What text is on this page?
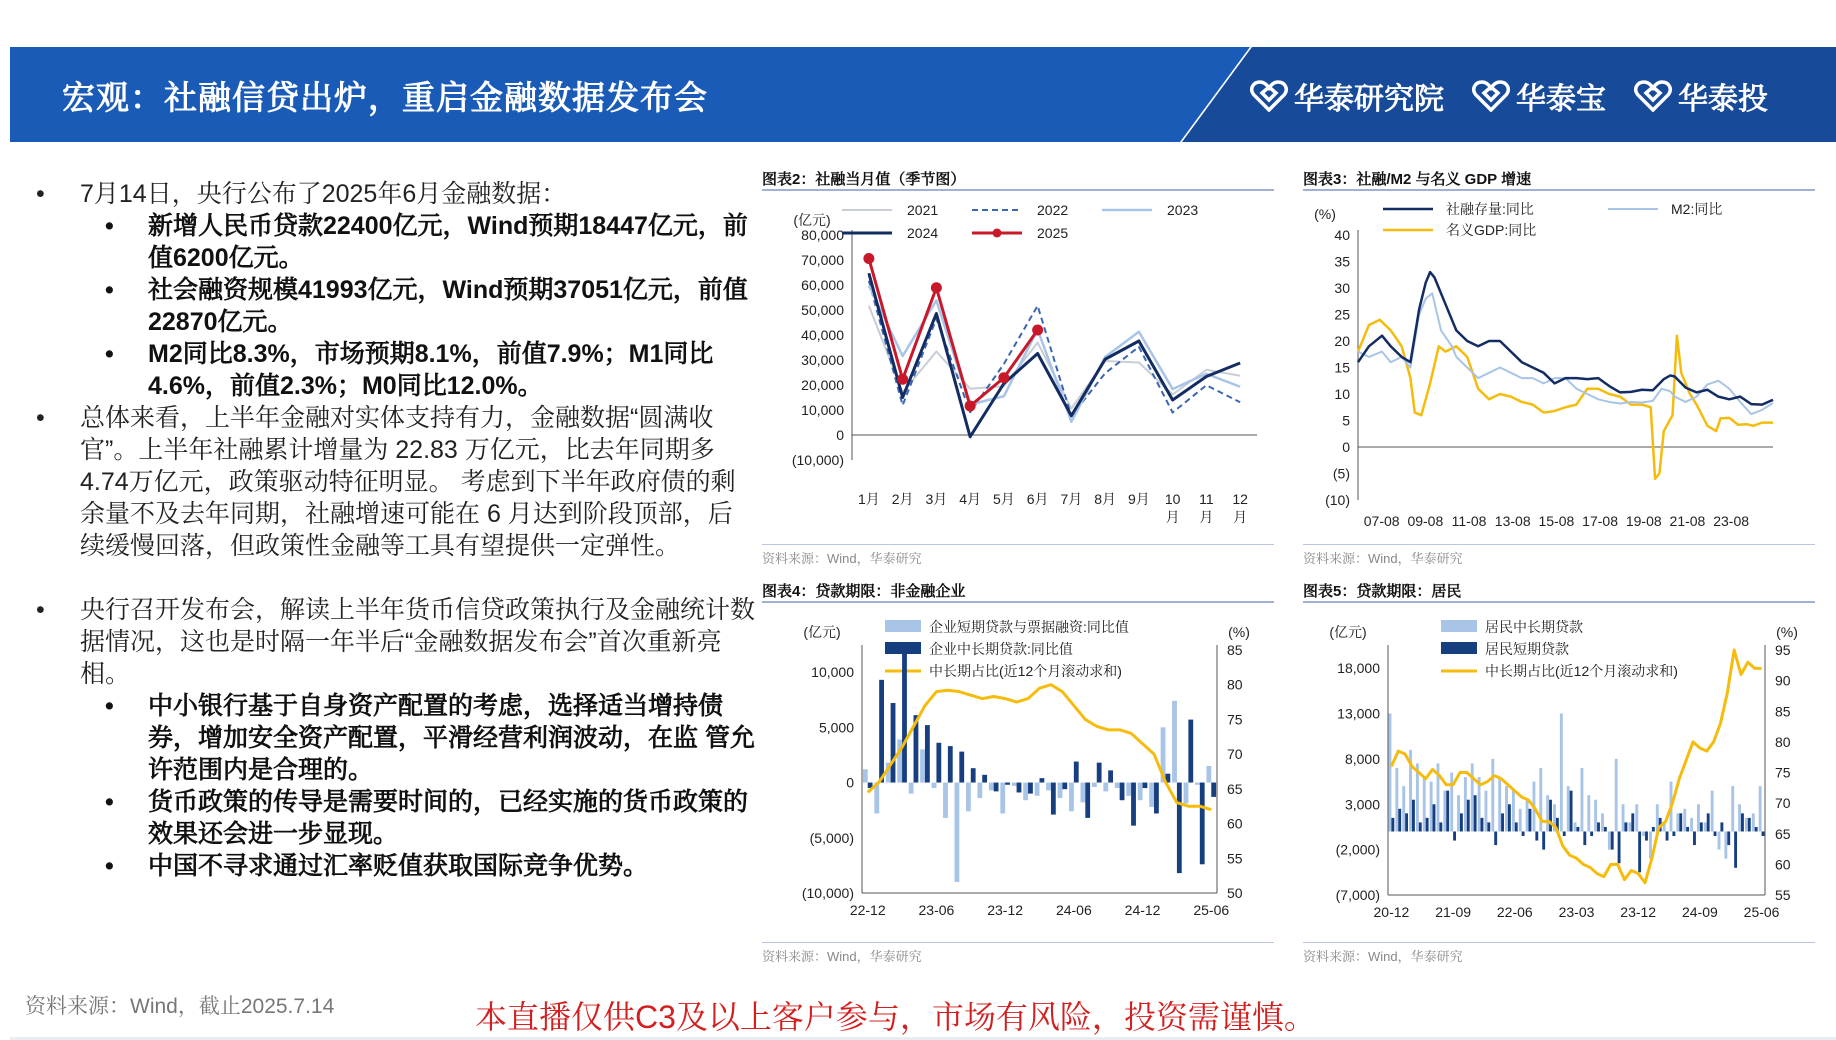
宏观：社融信贷出炉，重启金融数据发布会	华泰研究院 华泰宝 华泰投
• 7月14日，央行公布了2025年6月金融数据：
• 新增人民币贷款22400亿元，Wind预期18447亿元，前值6200亿元。
• 社会融资规模41993亿元，Wind预期37051亿元，前值22870亿元。
• M2同比8.3%，市场预期8.1%，前值7.9%；M1同比4.6%，前值2.3%；M0同比12.0%。
• 总体来看，上半年金融对实体支持有力，金融数据“圆满收官”。上半年社融累计增量为 22.83 万亿元，比去年同期多4.74万亿元，政策驱动特征明显。 考虑到下半年政府债的剩余量不及去年同期，社融增速可能在 6 月达到阶段顶部，后续缓慢回落，但政策性金融等工具有望提供一定弹性。
• 央行召开发布会，解读上半年货币信贷政策执行及金融统计数据情况，这也是时隔一年半后“金融数据发布会”首次重新亮相。
• 中小银行基于自身资产配置的考虑，选择适当增持债券，增加安全资产配置，平滑经营利润波动，在监 管允许范围内是合理的。
• 货币政策的传导是需要时间的，已经实施的货币政策的效果还会进一步显现。
• 中国不寻求通过汇率贬值获取国际竞争优势。
图表2：社融当月值（季节图）
资料来源：Wind，华泰研究
图表3：社融/M2 与名义 GDP 增速
资料来源：Wind，华泰研究
图表4：贷款期限：非金融企业
资料来源：Wind，华泰研究
图表5：贷款期限：居民
资料来源：Wind，华泰研究
(亿元)
(10,000)
0
10,000
20,000
30,000
40,000
50,000
60,000
70,000
80,000
1月 2月 3月 4月 5月 6月 7月 8月 9月 10
月
11
月
12
月
2021	2022	2023
2024	2025
(%)
(10)
(5)
0
5
10
15
20
25
30
35
40
07-08 09-08 11-08 13-08 15-08 17-08 19-08 21-08 23-08
社融存量:同比	M2:同比
名义GDP:同比
(亿元)	(%)
(10,000)
(5,000)
0
5,000
10,000
50
55
60
65
70
75
80
85
22-12 23-06 23-12 24-06 24-12 25-06
企业短期贷款与票据融资:同比值
企业中长期贷款:同比值
中长期占比(近12个月滚动求和)
(亿元)	(%)
(7,000)
(2,000)
3,000
8,000
13,000
18,000
55
60
65
70
75
80
85
90
95
20-12 21-09 22-06 23-03 23-12 24-09 25-06
居民中长期贷款
居民短期贷款
中长期占比(近12个月滚动求和)
资料来源：Wind，截止2025.7.14	本直播仅供C3及以上客户参与，市场有风险，投资需谨慎。
